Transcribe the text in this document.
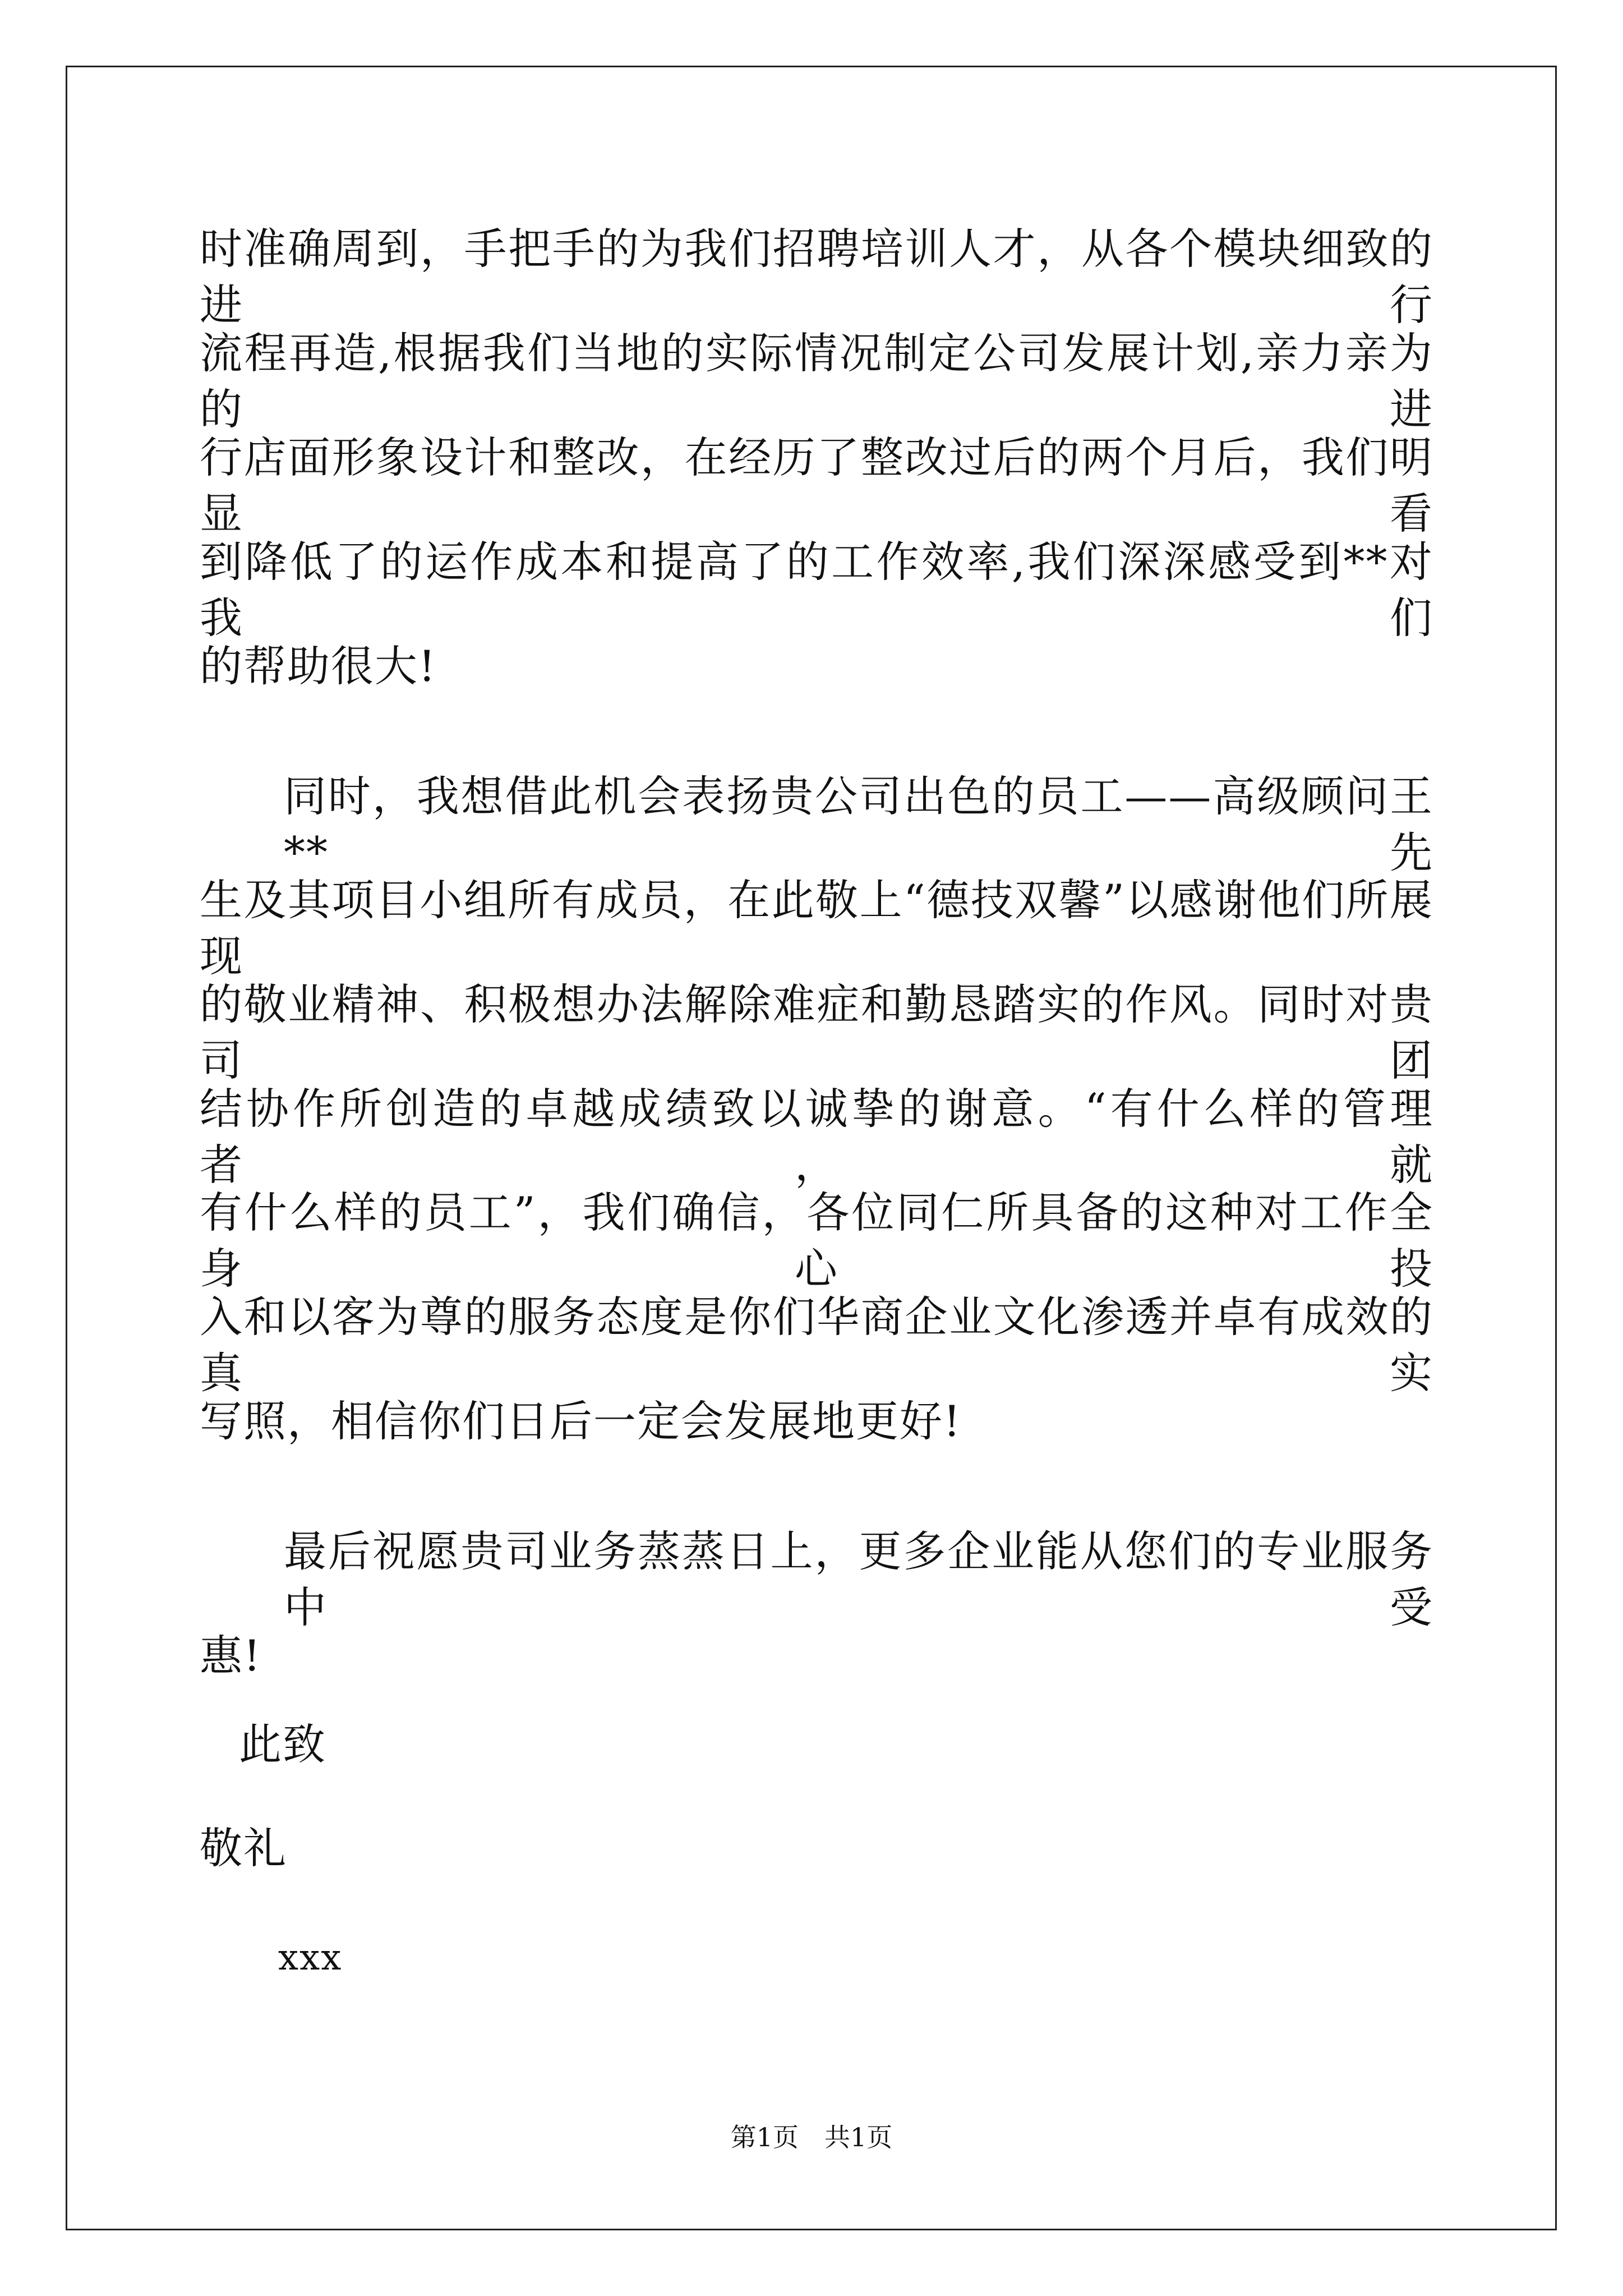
时准确周到，手把手的为我们招聘培训人才，从各个模块细致的进行
流程再造,根据我们当地的实际情况制定公司发展计划,亲力亲为的进
行店面形象设计和整改，在经历了整改过后的两个月后，我们明显看
到降低了的运作成本和提高了的工作效率,我们深深感受到**对我们
的帮助很大!
同时，我想借此机会表扬贵公司出色的员工——高级顾问王**先
生及其项目小组所有成员，在此敬上“德技双馨”以感谢他们所展现
的敬业精神、积极想办法解除难症和勤恳踏实的作风。同时对贵司团
结协作所创造的卓越成绩致以诚挚的谢意。“有什么样的管理者，就
有什么样的员工”，我们确信，各位同仁所具备的这种对工作全身心投
入和以客为尊的服务态度是你们华商企业文化渗透并卓有成效的真实
写照，相信你们日后一定会发展地更好!
最后祝愿贵司业务蒸蒸日上，更多企业能从您们的专业服务中受
惠!
此致
敬礼
xxx
第1页　共1页
